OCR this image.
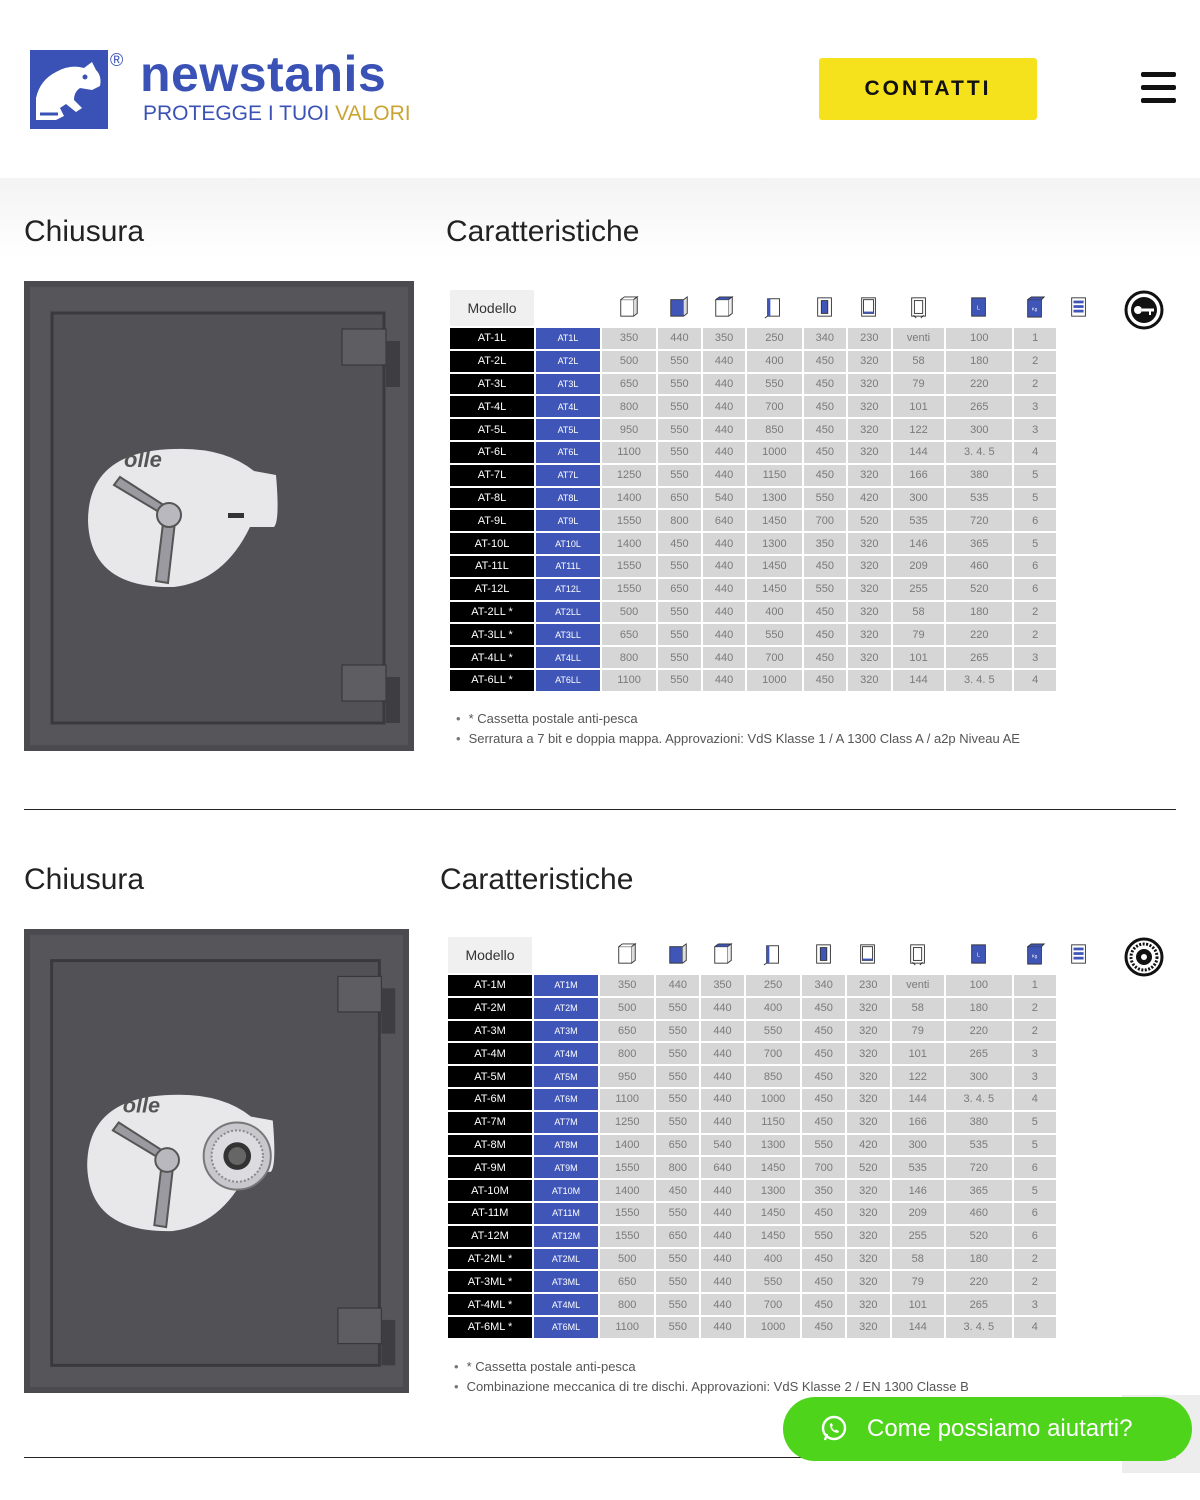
® newstanis
PROTEGGE I TUOI VALORI
CONTATTI
Chiusura	Caratteristiche
olle
Modello									L	Kg

AT-1L	AT1L	350	440	350	250	340	230	venti	100	1	
AT-2L	AT2L	500	550	440	400	450	320	58	180	2	
AT-3L	AT3L	650	550	440	550	450	320	79	220	2	
AT-4L	AT4L	800	550	440	700	450	320	101	265	3	
AT-5L	AT5L	950	550	440	850	450	320	122	300	3	
AT-6L	AT6L	1100	550	440	1000	450	320	144	3. 4. 5	4	
AT-7L	AT7L	1250	550	440	1150	450	320	166	380	5	
AT-8L	AT8L	1400	650	540	1300	550	420	300	535	5	
AT-9L	AT9L	1550	800	640	1450	700	520	535	720	6	
AT-10L	AT10L	1400	450	440	1300	350	320	146	365	5	
AT-11L	AT11L	1550	550	440	1450	450	320	209	460	6	
AT-12L	AT12L	1550	650	440	1450	550	320	255	520	6	
AT-2LL *	AT2LL	500	550	440	400	450	320	58	180	2	
AT-3LL *	AT3LL	650	550	440	550	450	320	79	220	2	
AT-4LL *	AT4LL	800	550	440	700	450	320	101	265	3	
AT-6LL *	AT6LL	1100	550	440	1000	450	320	144	3. 4. 5	4	
• * Cassetta postale anti-pesca
• Serratura a 7 bit e doppia mappa. Approvazioni: VdS Klasse 1 / A 1300 Class A / a2p Niveau AE
Chiusura	Caratteristiche
olle
Modello									L	Kg

AT-1M	AT1M	350	440	350	250	340	230	venti	100	1	
AT-2M	AT2M	500	550	440	400	450	320	58	180	2	
AT-3M	AT3M	650	550	440	550	450	320	79	220	2	
AT-4M	AT4M	800	550	440	700	450	320	101	265	3	
AT-5M	AT5M	950	550	440	850	450	320	122	300	3	
AT-6M	AT6M	1100	550	440	1000	450	320	144	3. 4. 5	4	
AT-7M	AT7M	1250	550	440	1150	450	320	166	380	5	
AT-8M	AT8M	1400	650	540	1300	550	420	300	535	5	
AT-9M	AT9M	1550	800	640	1450	700	520	535	720	6	
AT-10M	AT10M	1400	450	440	1300	350	320	146	365	5	
AT-11M	AT11M	1550	550	440	1450	450	320	209	460	6	
AT-12M	AT12M	1550	650	440	1450	550	320	255	520	6	
AT-2ML *	AT2ML	500	550	440	400	450	320	58	180	2	
AT-3ML *	AT3ML	650	550	440	550	450	320	79	220	2	
AT-4ML *	AT4ML	800	550	440	700	450	320	101	265	3	
AT-6ML *	AT6ML	1100	550	440	1000	450	320	144	3. 4. 5	4	
• * Cassetta postale anti-pesca
• Combinazione meccanica di tre dischi. Approvazioni: VdS Klasse 2 / EN 1300 Classe B
Come possiamo aiutarti?
